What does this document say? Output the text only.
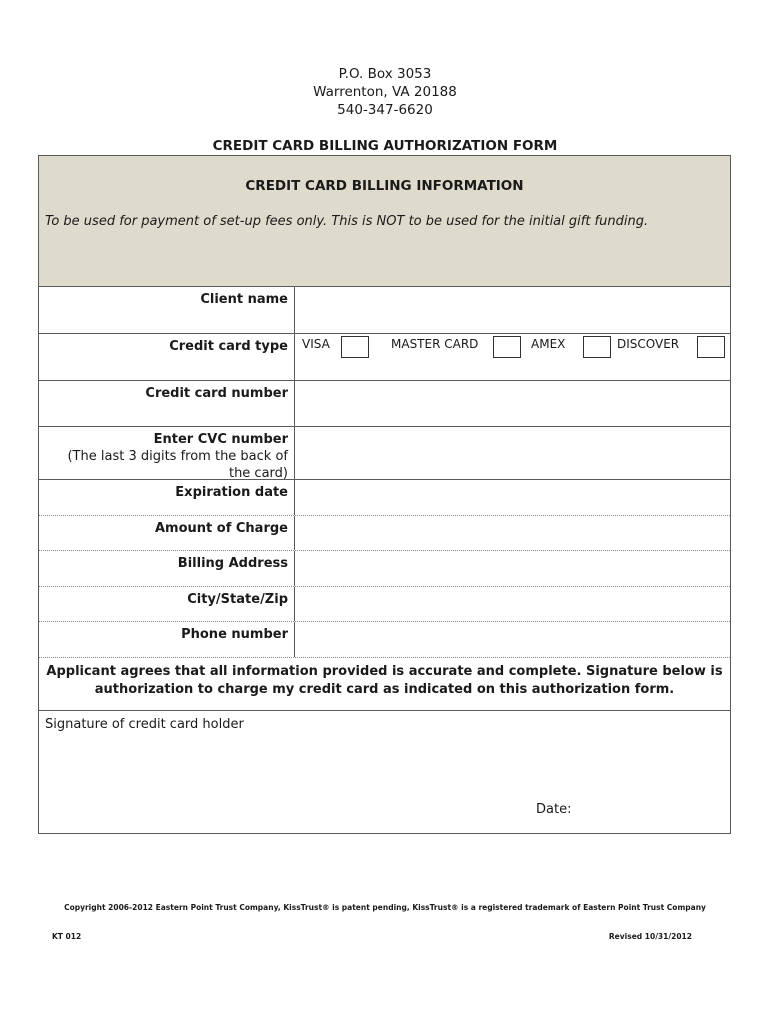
P.O. Box 3053
Warrenton, VA 20188
540-347-6620
CREDIT CARD BILLING AUTHORIZATION FORM
CREDIT CARD BILLING INFORMATION
To be used for payment of set-up fees only. This is NOT to be used for the initial gift funding.
Client name
Credit card type VISA	MASTER CARD	AMEX	DISCOVER
Credit card number
Enter CVC number
(The last 3 digits from the back of the card)
Expiration date
Amount of Charge
Billing Address
City/State/Zip
Phone number
Applicant agrees that all information provided is accurate and complete. Signature below is authorization to charge my credit card as indicated on this authorization form.
Signature of credit card holder
Date:
Copyright 2006-2012 Eastern Point Trust Company, KissTrust® is patent pending, KissTrust® is a registered trademark of Eastern Point Trust Company
KT 012	Revised 10/31/2012
